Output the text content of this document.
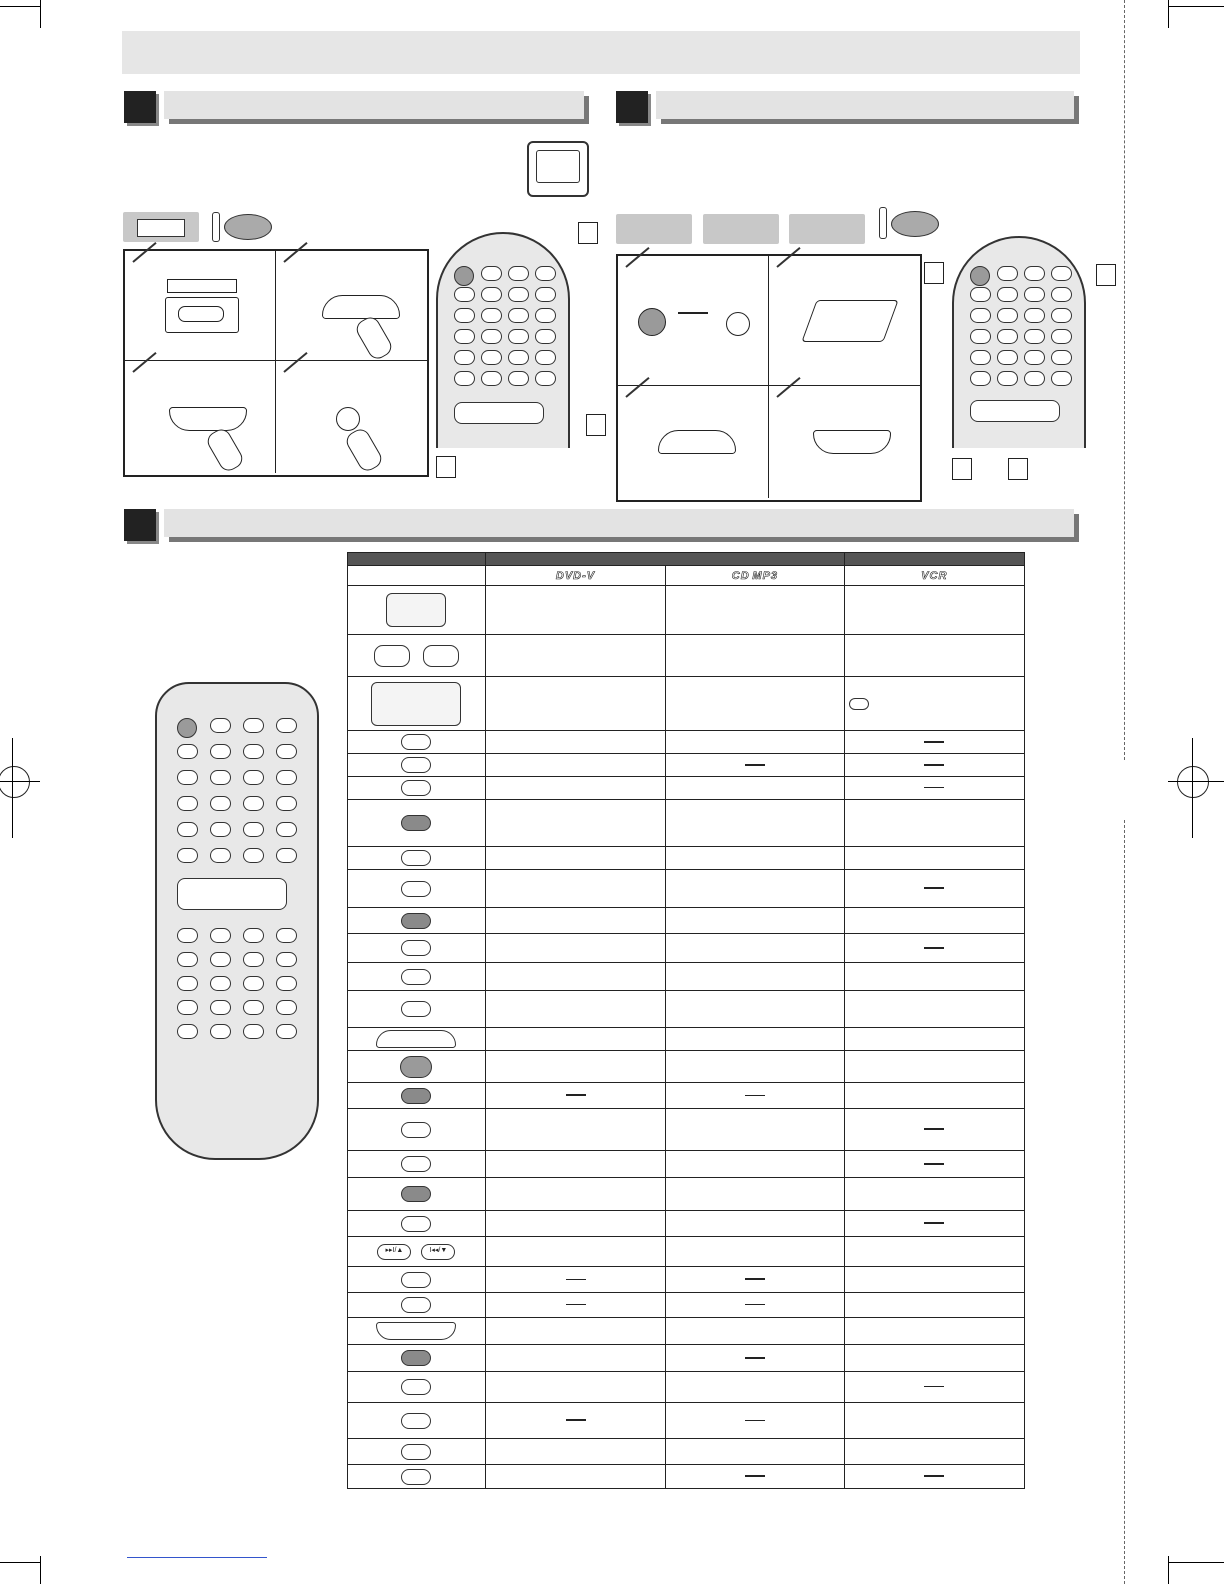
	DVD-V	CD MP3	VCR

▸▸I/▲ I◂◂/▼			
